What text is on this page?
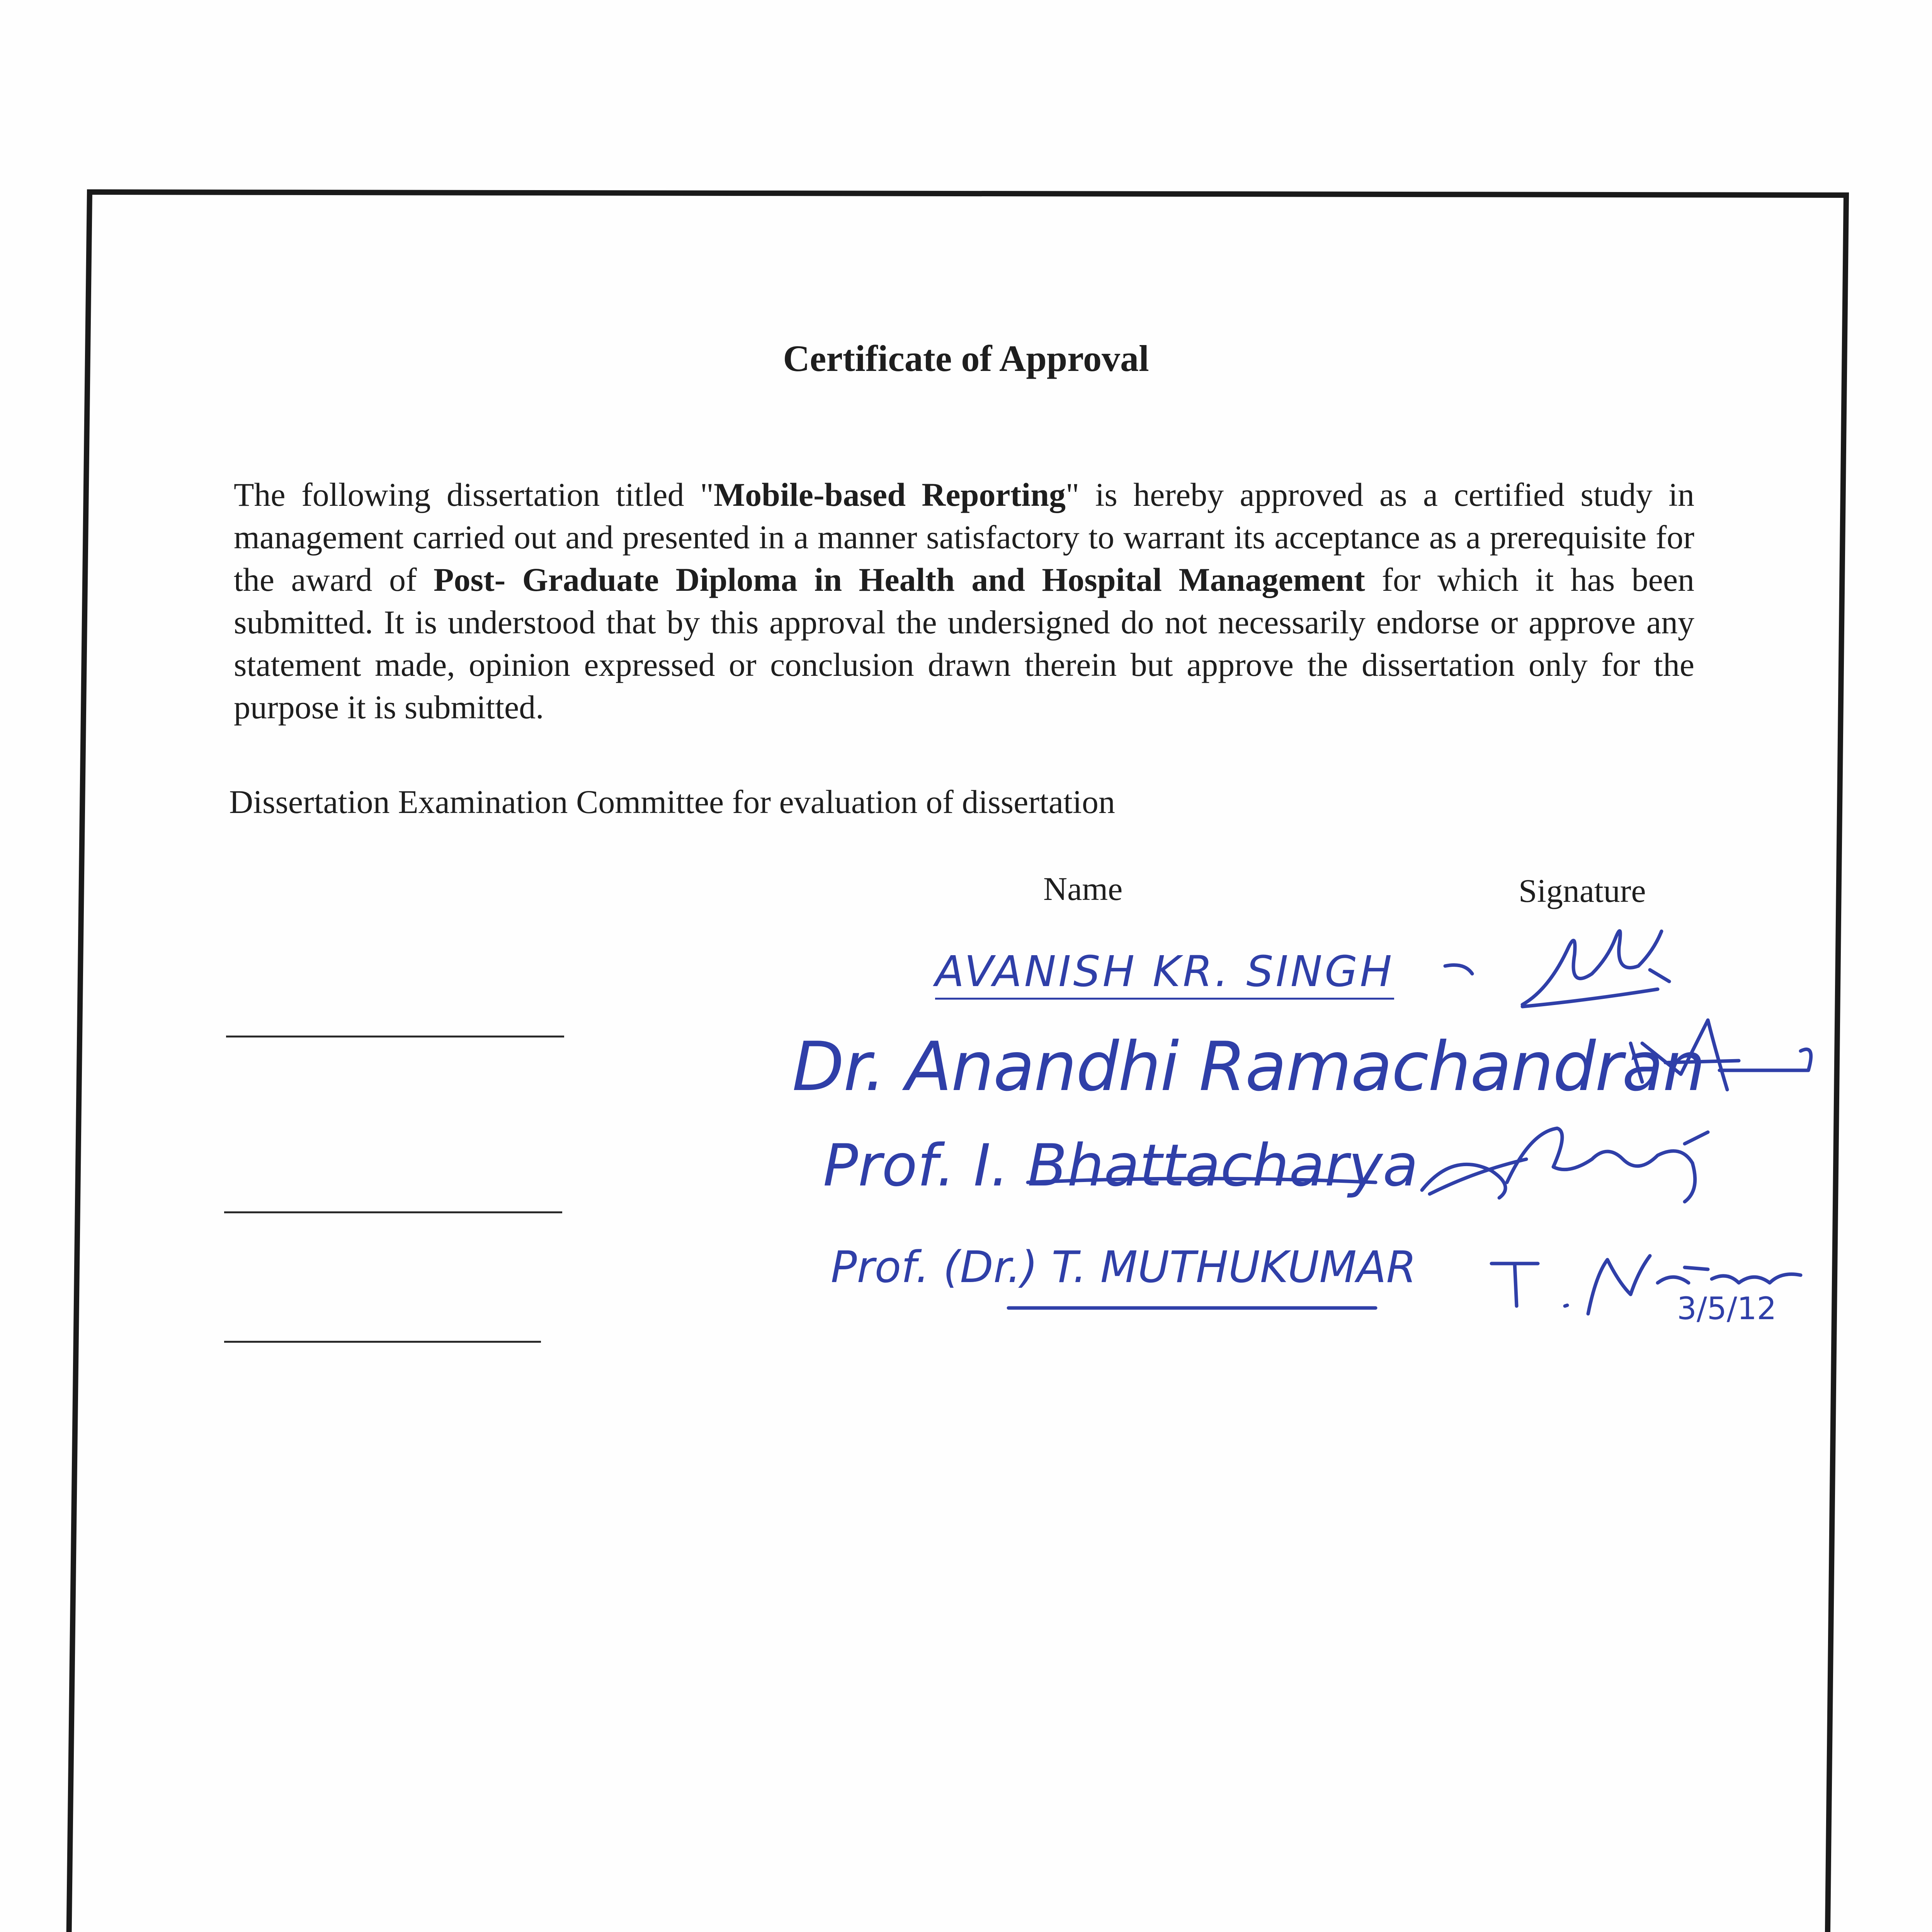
Certificate of Approval
The following dissertation titled "Mobile-based Reporting" is hereby approved as a certified study in management carried out and presented in a manner satisfactory to warrant its acceptance as a prerequisite for the award of Post- Graduate Diploma in Health and Hospital Management for which it has been submitted. It is understood that by this approval the undersigned do not necessarily endorse or approve any statement made, opinion expressed or conclusion drawn therein but approve the dissertation only for the purpose it is submitted.
Dissertation Examination Committee for evaluation of dissertation
Name	Signature
AVANISH KR. SINGH
Dr. Anandhi Ramachandran
Prof. I. Bhattacharya
Prof. (Dr.) T. MUTHUKUMAR
3/5/12
